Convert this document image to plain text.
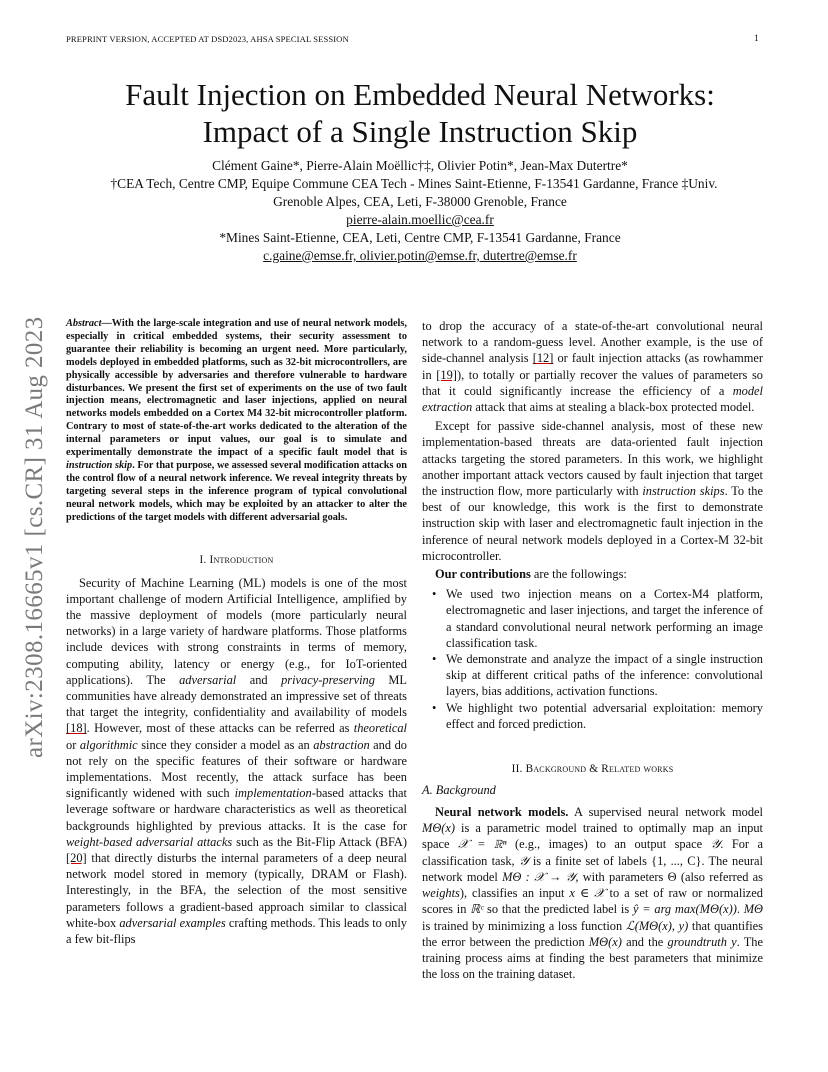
PREPRINT VERSION, ACCEPTED AT DSD2023, AHSA SPECIAL SESSION	1
Fault Injection on Embedded Neural Networks:
Impact of a Single Instruction Skip
Clément Gaine*, Pierre-Alain Moëllic†‡, Olivier Potin*, Jean-Max Dutertre*
†CEA Tech, Centre CMP, Equipe Commune CEA Tech - Mines Saint-Etienne, F-13541 Gardanne, France ‡Univ.
Grenoble Alpes, CEA, Leti, F-38000 Grenoble, France
pierre-alain.moellic@cea.fr
*Mines Saint-Etienne, CEA, Leti, Centre CMP, F-13541 Gardanne, France
c.gaine@emse.fr, olivier.potin@emse.fr, dutertre@emse.fr
arXiv:2308.16665v1 [cs.CR] 31 Aug 2023 Abstract—With the large-scale integration and use of neural network models, especially in critical embedded systems, their security assessment to guarantee their reliability is becoming an urgent need. More particularly, models deployed in embedded platforms, such as 32-bit microcontrollers, are physically accessible by adversaries and therefore vulnerable to hardware disturbances. We present the first set of experiments on the use of two fault injection means, electromagnetic and laser injections, applied on neural networks models embedded on a Cortex M4 32-bit microcontroller platform. Contrary to most of state-of-the-art works dedicated to the alteration of the internal parameters or input values, our goal is to simulate and experimentally demonstrate the impact of a specific fault model that is instruction skip. For that purpose, we assessed several modification attacks on the control flow of a neural network inference. We reveal integrity threats by targeting several steps in the inference program of typical convolutional neural network models, which may be exploited by an attacker to alter the predictions of the target models with different adversarial goals.

I. Introduction

Security of Machine Learning (ML) models is one of the most important challenge of modern Artificial Intelligence, amplified by the massive deployment of models (more particularly neural networks) in a large variety of hardware platforms. Those platforms include devices with strong constraints in terms of memory, computing ability, latency or energy (e.g., for IoT-oriented applications). The adversarial and privacy-preserving ML communities have already demonstrated an impressive set of threats that target the integrity, confidentiality and availability of models [18]. However, most of these attacks can be referred as theoretical or algorithmic since they consider a model as an abstraction and do not rely on the specific features of their software or hardware implementations. Most recently, the attack surface has been significantly widened with such implementation-based attacks that leverage software or hardware characteristics as well as theoretical backgrounds highlighted by previous attacks. It is the case for weight-based adversarial attacks such as the Bit-Flip Attack (BFA) [20] that directly disturbs the internal parameters of a deep neural network model stored in memory (typically, DRAM or Flash). Interestingly, in the BFA, the selection of the most sensitive parameters follows a gradient-based approach similar to classical white-box adversarial examples crafting methods. This leads to only a few bit-flips

to drop the accuracy of a state-of-the-art convolutional neural network to a random-guess level. Another example, is the use of side-channel analysis [12] or fault injection attacks (as rowhammer in [19]), to totally or partially recover the values of parameters so that it could significantly increase the efficiency of a model extraction attack that aims at stealing a black-box protected model.

Except for passive side-channel analysis, most of these new implementation-based threats are data-oriented fault injection attacks targeting the stored parameters. In this work, we highlight another important attack vectors caused by fault injection that target the instruction flow, more particularly with instruction skips. To the best of our knowledge, this work is the first to demonstrate instruction skip with laser and electromagnetic fault injection in the inference of neural network models deployed in a Cortex-M 32-bit microcontroller.

Our contributions are the followings:

• We used two injection means on a Cortex-M4 platform, electromagnetic and laser injections, and target the inference of a standard convolutional neural network performing an image classification task.
• We demonstrate and analyze the impact of a single instruction skip at different critical paths of the inference: convolutional layers, bias additions, activation functions.
• We highlight two potential adversarial exploitation: memory effect and forced prediction.

II. Background & Related works

A. Background

Neural network models. A supervised neural network model MΘ(x) is a parametric model trained to optimally map an input space 𝒳 = ℝⁿ (e.g., images) to an output space 𝒴. For a classification task, 𝒴 is a finite set of labels {1, ..., C}. The neural network model MΘ : 𝒳 → 𝒴, with parameters Θ (also referred as weights), classifies an input x ∈ 𝒳 to a set of raw or normalized scores in ℝᶜ so that the predicted label is ŷ = arg max(MΘ(x)). MΘ is trained by minimizing a loss function ℒ(MΘ(x), y) that quantifies the error between the prediction MΘ(x) and the groundtruth y. The training process aims at finding the best parameters that minimize the loss on the training dataset.
